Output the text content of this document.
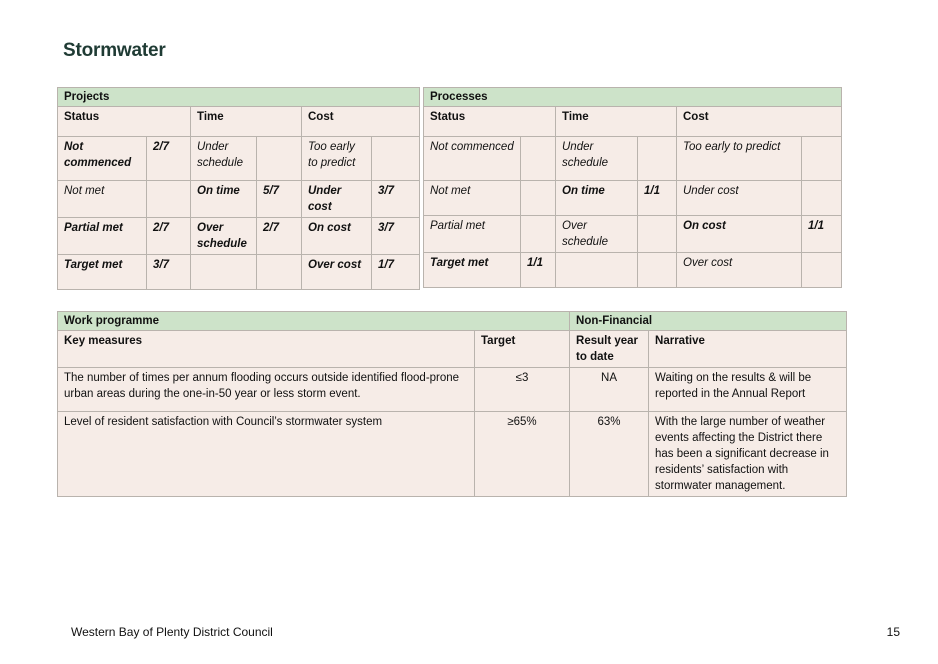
Stormwater
Projects					
Status		Time		Cost	
Not commenced	2/7	Under schedule		Too early to predict	
Not met		On time	5/7	Under cost	3/7
Partial met	2/7	Over schedule	2/7	On cost	3/7
Target met	3/7			Over cost	1/7
Processes					
Status		Time		Cost	
Not commenced		Under schedule		Too early to predict	
Not met		On time	1/1	Under cost	
Partial met		Over schedule		On cost	1/1
Target met	1/1			Over cost	
Work programme		Non-Financial	
Key measures	Target	Result year to date	Narrative
The number of times per annum flooding occurs outside identified flood-prone urban areas during the one-in-50 year or less storm event.	≤3	NA	Waiting on the results & will be reported in the Annual Report
Level of resident satisfaction with Council’s stormwater system	≥65%	63%	With the large number of weather events affecting the District there has been a significant decrease in residents’ satisfaction with stormwater management.
Western Bay of Plenty District Council	15
